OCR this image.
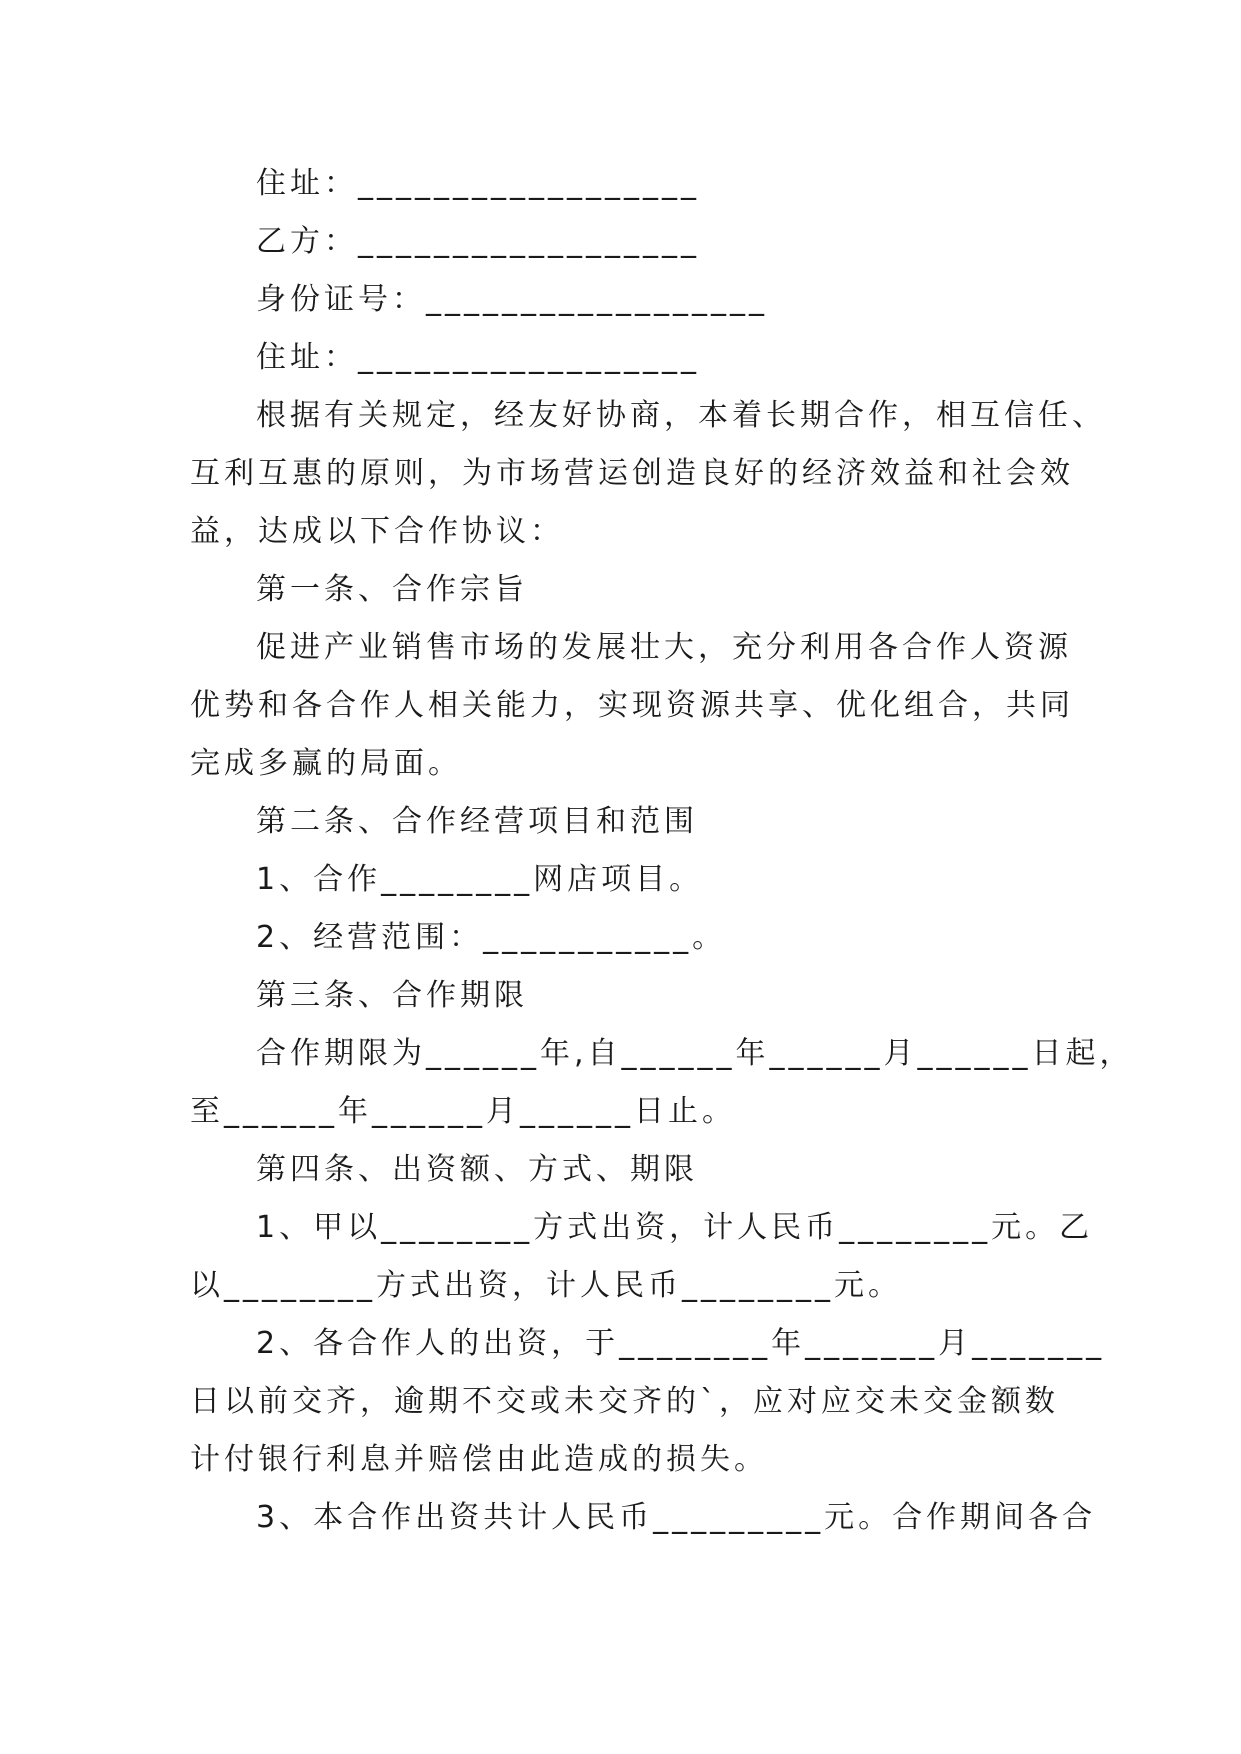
住址：__________________
乙方：__________________
身份证号：__________________
住址：__________________
根据有关规定，经友好协商，本着长期合作，相互信任、
互利互惠的原则，为市场营运创造良好的经济效益和社会效
益，达成以下合作协议：
第一条、合作宗旨
促进产业销售市场的发展壮大，充分利用各合作人资源
优势和各合作人相关能力，实现资源共享、优化组合，共同
完成多赢的局面。
第二条、合作经营项目和范围
1、合作________网店项目。
2、经营范围：___________。
第三条、合作期限
合作期限为______年,自______年______月______日起，
至______年______月______日止。
第四条、出资额、方式、期限
1、甲以________方式出资，计人民币________元。乙
以________方式出资，计人民币________元。
2、各合作人的出资，于________年_______月_______
日以前交齐，逾期不交或未交齐的`，应对应交未交金额数
计付银行利息并赔偿由此造成的损失。
3、本合作出资共计人民币_________元。合作期间各合
